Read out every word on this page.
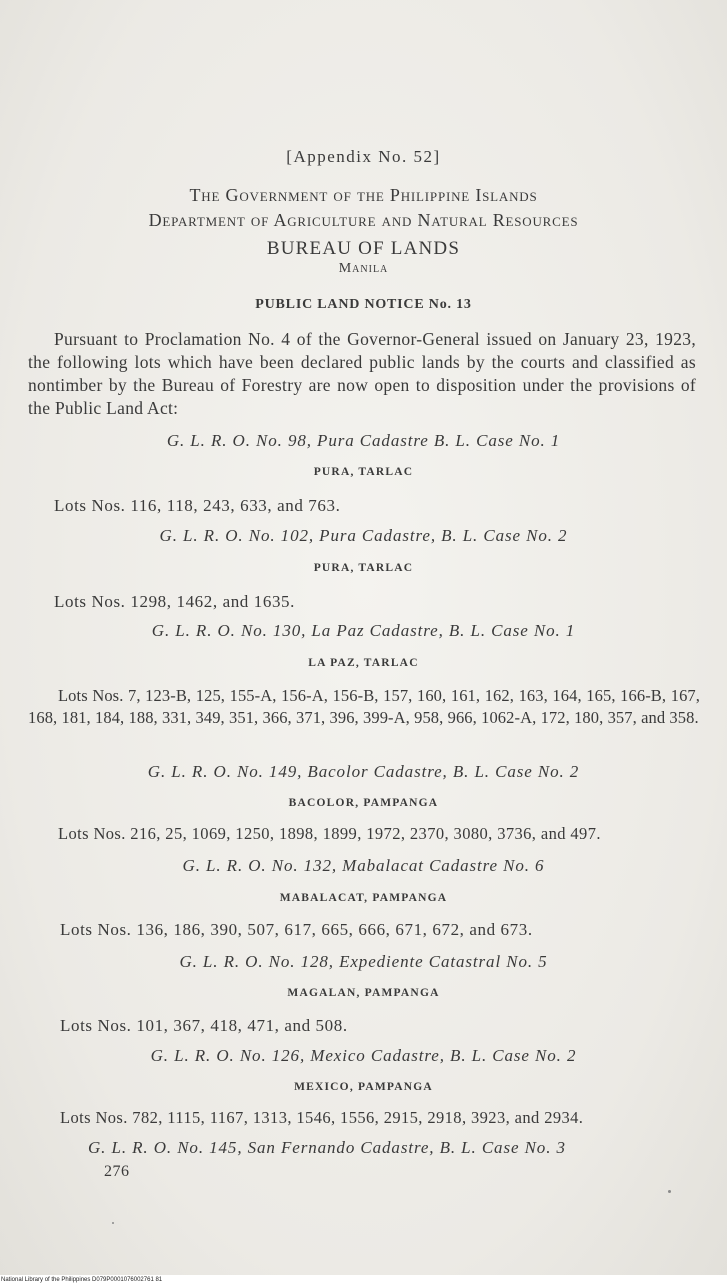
[Appendix No. 52]
The Government of the Philippine Islands
Department of Agriculture and Natural Resources
BUREAU OF LANDS
Manila
PUBLIC LAND NOTICE No. 13
Pursuant to Proclamation No. 4 of the Governor-General issued on January 23, 1923, the following lots which have been declared public lands by the courts and classified as nontimber by the Bureau of Forestry are now open to disposition under the provisions of the Public Land Act:
G. L. R. O. No. 98, Pura Cadastre B. L. Case No. 1
PURA, TARLAC
Lots Nos. 116, 118, 243, 633, and 763.
G. L. R. O. No. 102, Pura Cadastre, B. L. Case No. 2
PURA, TARLAC
Lots Nos. 1298, 1462, and 1635.
G. L. R. O. No. 130, La Paz Cadastre, B. L. Case No. 1
LA PAZ, TARLAC
Lots Nos. 7, 123-B, 125, 155-A, 156-A, 156-B, 157, 160, 161, 162, 163, 164, 165, 166-B, 167, 168, 181, 184, 188, 331, 349, 351, 366, 371, 396, 399-A, 958, 966, 1062-A, 172, 180, 357, and 358.
G. L. R. O. No. 149, Bacolor Cadastre, B. L. Case No. 2
BACOLOR, PAMPANGA
Lots Nos. 216, 25, 1069, 1250, 1898, 1899, 1972, 2370, 3080, 3736, and 497.
G. L. R. O. No. 132, Mabalacat Cadastre No. 6
MABALACAT, PAMPANGA
Lots Nos. 136, 186, 390, 507, 617, 665, 666, 671, 672, and 673.
G. L. R. O. No. 128, Expediente Catastral No. 5
MAGALAN, PAMPANGA
Lots Nos. 101, 367, 418, 471, and 508.
G. L. R. O. No. 126, Mexico Cadastre, B. L. Case No. 2
MEXICO, PAMPANGA
Lots Nos. 782, 1115, 1167, 1313, 1546, 1556, 2915, 2918, 3923, and 2934.
G. L. R. O. No. 145, San Fernando Cadastre, B. L. Case No. 3
276
National Library of the Philippines D079P0001076002761 81
